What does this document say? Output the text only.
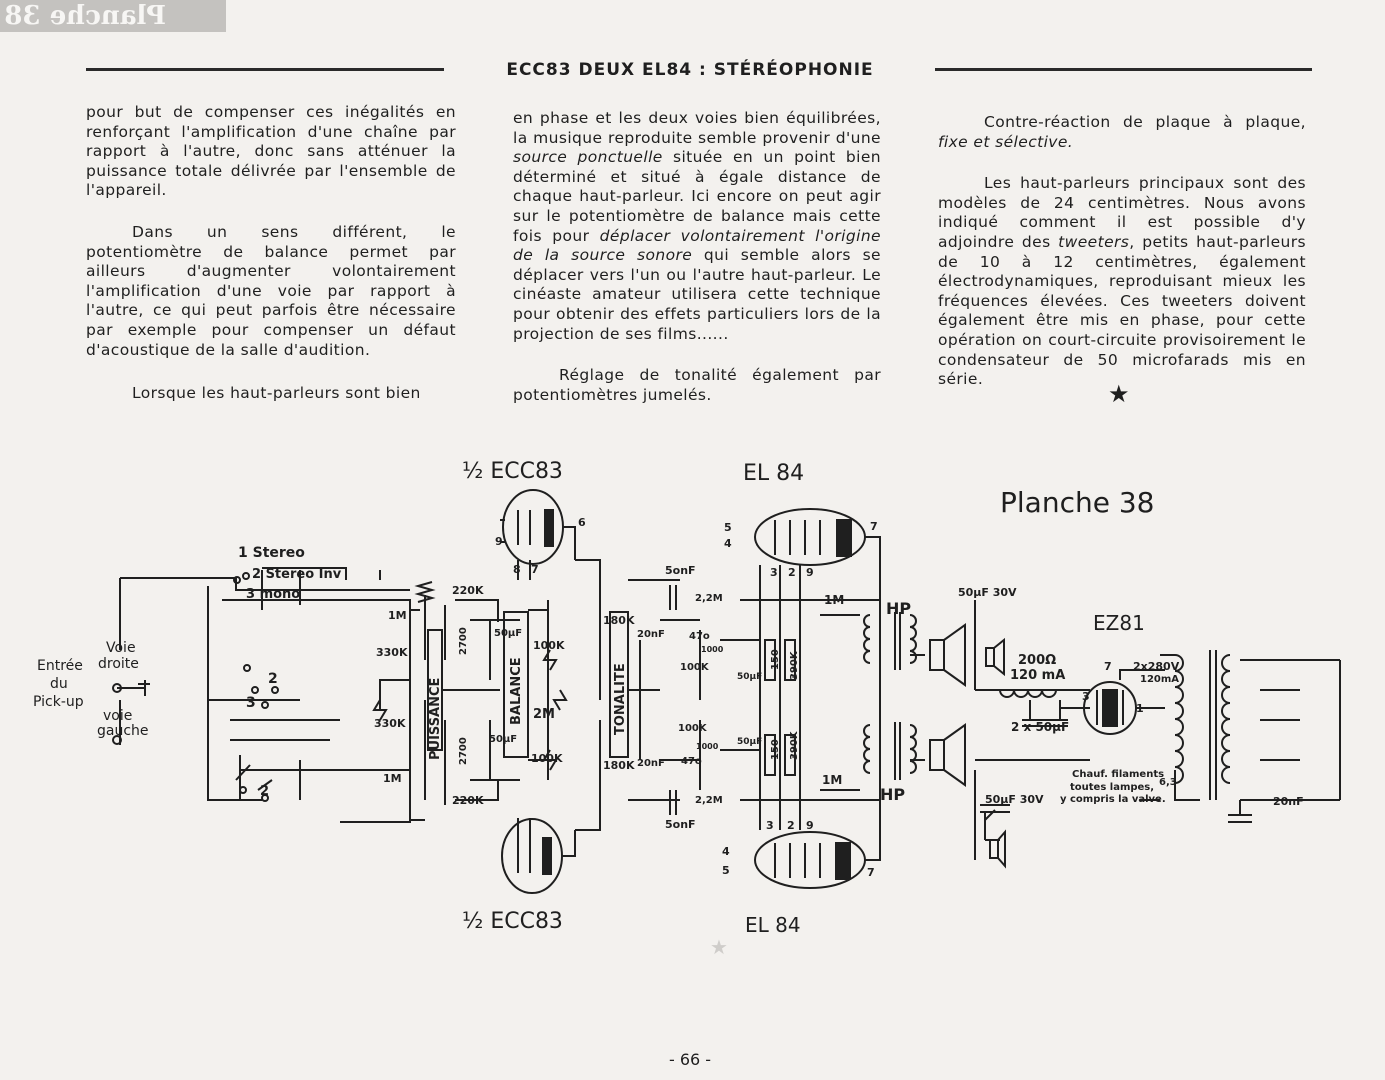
Planche 38
ECC83 DEUX EL84 : STÉRÉOPHONIE

pour but de compenser ces inégalités en renforçant l'amplification d'une chaîne par rapport à l'autre, donc sans atténuer la puissance totale délivrée par l'ensemble de l'appareil.

Dans un sens différent, le potentiomètre de balance permet par ailleurs d'augmenter volontairement l'amplification d'une voie par rapport à l'autre, ce qui peut parfois être nécessaire par exemple pour compenser un défaut d'acoustique de la salle d'audition.

Lorsque les haut-parleurs sont bien

en phase et les deux voies bien équilibrées, la musique reproduite semble provenir d'une source ponctuelle située en un point bien déterminé et situé à égale distance de chaque haut-parleur. Ici encore on peut agir sur le potentiomètre de balance mais cette fois pour déplacer volontairement l'origine de la source sonore qui semble alors se déplacer vers l'un ou l'autre haut-parleur. Le cinéaste amateur utilisera cette technique pour obtenir des effets particuliers lors de la projection de ses films......

Réglage de tonalité également par potentiomètres jumelés.

Contre-réaction de plaque à plaque, fixe et sélective.

Les haut-parleurs principaux sont des modèles de 24 centimètres. Nous avons indiqué comment il est possible d'y adjoindre des tweeters, petits haut-parleurs de 10 à 12 centimètres, également électrodynamiques, reproduisant mieux les fréquences élevées. Ces tweeters doivent également être mis en phase, pour cette opération on court-circuite provisoirement le condensateur de 50 microfarads mis en série.

★
★
Planche 38
½ ECC83
½ ECC83
EL 84
EL 84
EZ81
1 Stereo
2 Stereo Inv
3 mono
Entrée
du
Pick-up
Voie
droite
voie
gauche	PUISSANCE	BALANCE	TONALITE
220K
220K
330K
330K
1M
1M
2700
2700
50µF
50µF
100K
100K
2M
180K
180K
20nF
20nF
5onF
5onF
2,2M
2,2M
47o
47o
1000
1000
100K
100K
390K
390K
150
150
50µF
50µF
1M
1M
HP
HP
50µF 30V
50µF 30V
200Ω
120 mA
2 x 50µF
2x280V
120mA
Chauf. filaments
toutes lampes,
y compris la valve.
6,3
20nF
6
9
8 7
5
4
7
3 2 9
3 2 9
4
5	7
7
3
1
2
3
2
- 66 -
